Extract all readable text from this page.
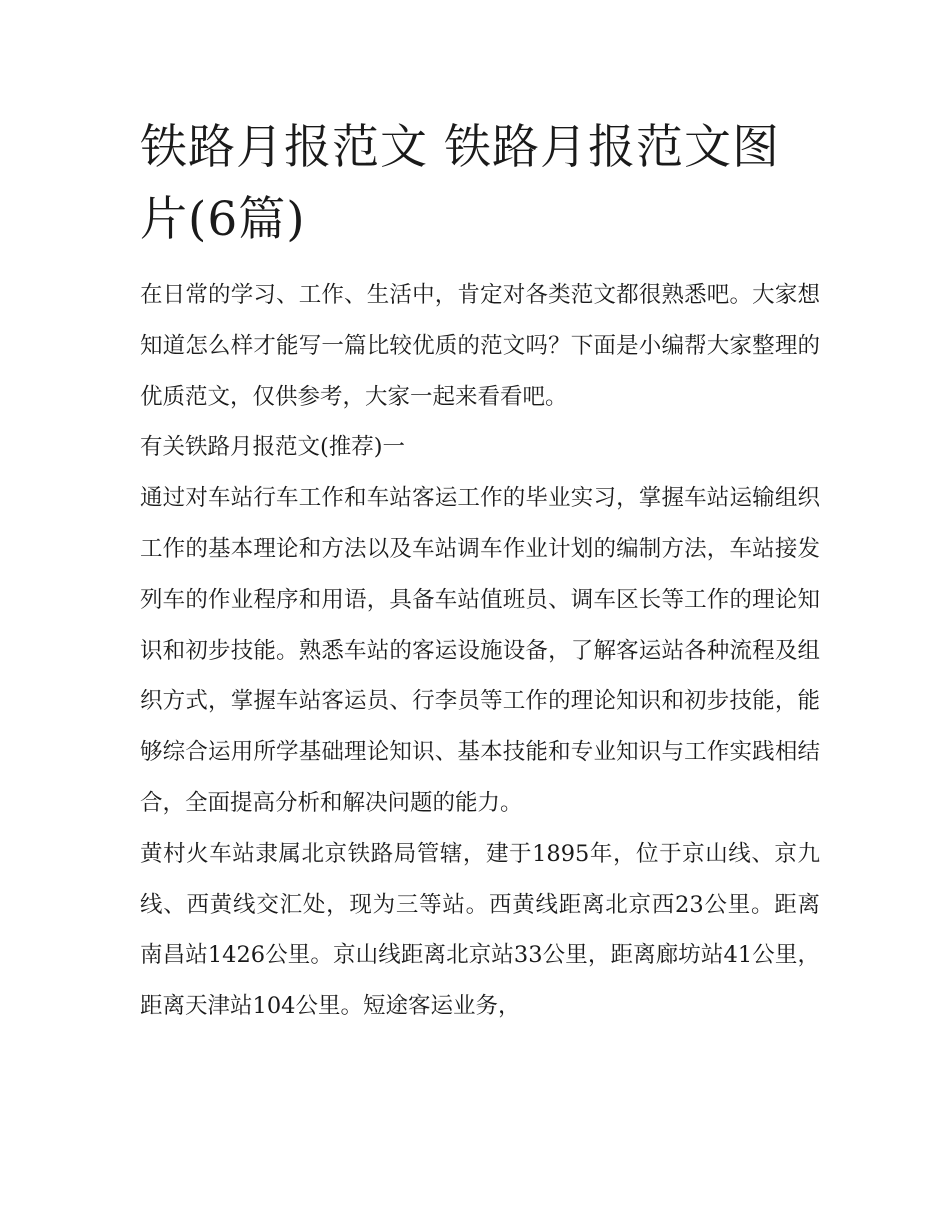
铁路月报范文 铁路月报范文图片(6篇)

在日常的学习、工作、生活中，肯定对各类范文都很熟悉吧。大家想知道怎么样才能写一篇比较优质的范文吗？下面是小编帮大家整理的优质范文，仅供参考，大家一起来看看吧。

有关铁路月报范文(推荐)一

通过对车站行车工作和车站客运工作的毕业实习，掌握车站运输组织工作的基本理论和方法以及车站调车作业计划的编制方法，车站接发列车的作业程序和用语，具备车站值班员、调车区长等工作的理论知识和初步技能。熟悉车站的客运设施设备，了解客运站各种流程及组织方式，掌握车站客运员、行李员等工作的理论知识和初步技能，能够综合运用所学基础理论知识、基本技能和专业知识与工作实践相结合，全面提高分析和解决问题的能力。

黄村火车站隶属北京铁路局管辖，建于1895年，位于京山线、京九线、西黄线交汇处，现为三等站。西黄线距离北京西23公里。距离南昌站1426公里。京山线距离北京站33公里，距离廊坊站41公里，距离天津站104公里。短途客运业务，
